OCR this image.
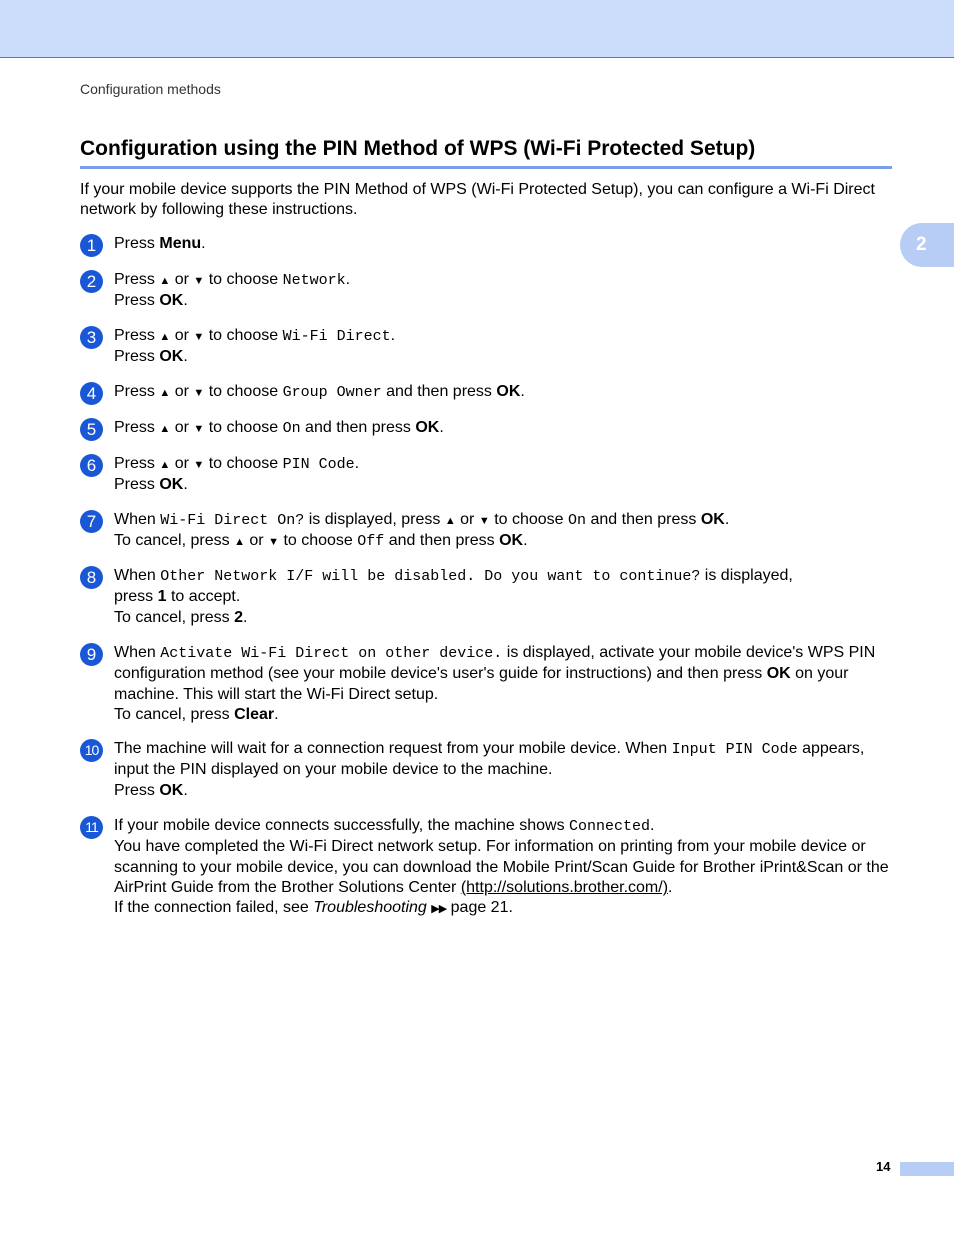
Configuration methods
2
Configuration using the PIN Method of WPS (Wi-Fi Protected Setup)

If your mobile device supports the PIN Method of WPS (Wi-Fi Protected Setup), you can configure a Wi-Fi Direct network by following these instructions.

1	Press Menu.
2	Press ▲ or ▼ to choose Network.
Press OK.
3	Press ▲ or ▼ to choose Wi-Fi Direct.
Press OK.
4	Press ▲ or ▼ to choose Group Owner and then press OK.
5	Press ▲ or ▼ to choose On and then press OK.
6	Press ▲ or ▼ to choose PIN Code.
Press OK.
7	When Wi-Fi Direct On? is displayed, press ▲ or ▼ to choose On and then press OK.
To cancel, press ▲ or ▼ to choose Off and then press OK.
8	When Other Network I/F will be disabled. Do you want to continue? is displayed,
press 1 to accept.
To cancel, press 2.
9	When Activate Wi-Fi Direct on other device. is displayed, activate your mobile device's WPS PIN configuration method (see your mobile device's user's guide for instructions) and then press OK on your machine. This will start the Wi-Fi Direct setup.
To cancel, press Clear.
10 The machine will wait for a connection request from your mobile device. When Input PIN Code appears, input the PIN displayed on your mobile device to the machine.
Press OK.
11	If your mobile device connects successfully, the machine shows Connected.
You have completed the Wi-Fi Direct network setup. For information on printing from your mobile device or scanning to your mobile device, you can download the Mobile Print/Scan Guide for Brother iPrint&Scan or the AirPrint Guide from the Brother Solutions Center (http://solutions.brother.com/).
If the connection failed, see Troubleshooting ▶▶ page 21.
14
